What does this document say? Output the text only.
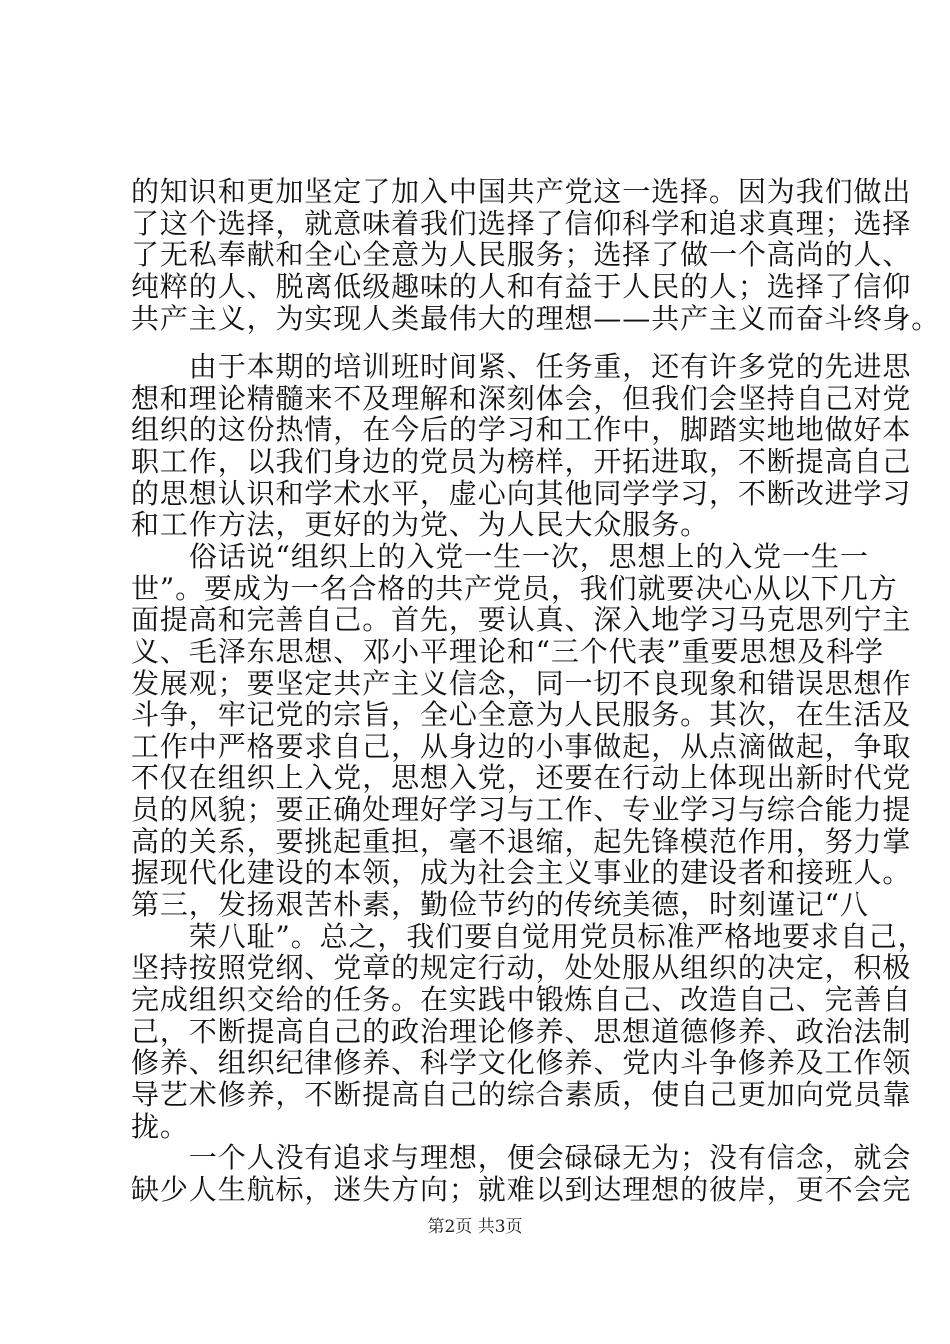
的知识和更加坚定了加入中国共产党这一选择。因为我们做出
了这个选择，就意味着我们选择了信仰科学和追求真理；选择
了无私奉献和全心全意为人民服务；选择了做一个高尚的人、
纯粹的人、脱离低级趣味的人和有益于人民的人；选择了信仰
共产主义，为实现人类最伟大的理想——共产主义而奋斗终身。
　　由于本期的培训班时间紧、任务重，还有许多党的先进思
想和理论精髓来不及理解和深刻体会，但我们会坚持自己对党
组织的这份热情，在今后的学习和工作中，脚踏实地地做好本
职工作，以我们身边的党员为榜样，开拓进取，不断提高自己
的思想认识和学术水平，虚心向其他同学学习，不断改进学习
和工作方法，更好的为党、为人民大众服务。
　　俗话说“组织上的入党一生一次，思想上的入党一生一
世”。要成为一名合格的共产党员，我们就要决心从以下几方
面提高和完善自己。首先，要认真、深入地学习马克思列宁主
义、毛泽东思想、邓小平理论和“三个代表”重要思想及科学
发展观；要坚定共产主义信念，同一切不良现象和错误思想作
斗争，牢记党的宗旨，全心全意为人民服务。其次，在生活及
工作中严格要求自己，从身边的小事做起，从点滴做起，争取
不仅在组织上入党，思想入党，还要在行动上体现出新时代党
员的风貌；要正确处理好学习与工作、专业学习与综合能力提
高的关系，要挑起重担，毫不退缩，起先锋模范作用，努力掌
握现代化建设的本领，成为社会主义事业的建设者和接班人。
第三，发扬艰苦朴素，勤俭节约的传统美德，时刻谨记“八
　　荣八耻”。总之，我们要自觉用党员标准严格地要求自己，
坚持按照党纲、党章的规定行动，处处服从组织的决定，积极
完成组织交给的任务。在实践中锻炼自己、改造自己、完善自
己，不断提高自己的政治理论修养、思想道德修养、政治法制
修养、组织纪律修养、科学文化修养、党内斗争修养及工作领
导艺术修养，不断提高自己的综合素质，使自己更加向党员靠
拢。
　　一个人没有追求与理想，便会碌碌无为；没有信念，就会
缺少人生航标，迷失方向；就难以到达理想的彼岸，更不会完
第2页 共3页
